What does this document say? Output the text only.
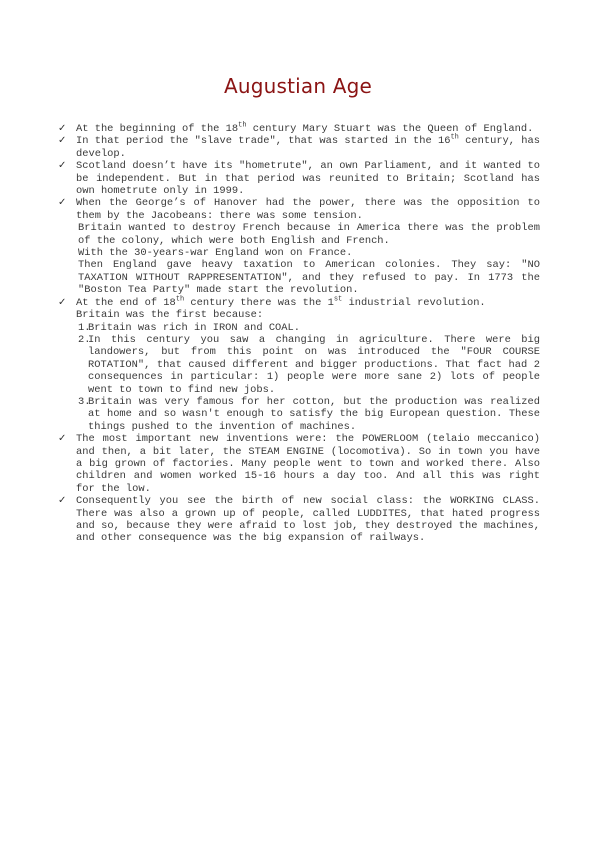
Augustian Age

✓ At the beginning of the 18th century Mary Stuart was the Queen of England.

✓ In that period the "slave trade", that was started in the 16th century, has develop.

✓ Scotland doesn’t have its "hometrute", an own Parliament, and it wanted to be independent. But in that period was reunited to Britain; Scotland has own hometrute only in 1999.

✓ When the George’s of Hanover had the power, there was the opposition to them by the Jacobeans: there was some tension.

Britain wanted to destroy French because in America there was the problem of the colony, which were both English and French.

With the 30-years-war England won on France.

Then England gave heavy taxation to American colonies. They say: "NO TAXATION WITHOUT RAPPRESENTATION", and they refused to pay. In 1773 the "Boston Tea Party" made start the revolution.

✓ At the end of 18th century there was the 1st industrial revolution.

Britain was the first because:

1.
Britain was rich in IRON and COAL.

2.
In this century you saw a changing in agriculture. There were big landowers, but from this point on was introduced the "FOUR COURSE ROTATION", that caused different and bigger productions. That fact had 2 consequences in particular: 1) people were more sane 2) lots of people went to town to find new jobs.

3.
Britain was very famous for her cotton, but the production was realized at home and so wasn't enough to satisfy the big European question. These things pushed to the invention of machines.

✓ The most important new inventions were: the POWERLOOM (telaio meccanico) and then, a bit later, the STEAM ENGINE (locomotiva). So in town you have a big grown of factories. Many people went to town and worked there. Also children and women worked 15-16 hours a day too. And all this was right for the low.

✓ Consequently you see the birth of new social class: the WORKING CLASS. There was also a grown up of people, called LUDDITES, that hated progress and so, because they were afraid to lost job, they destroyed the machines, and other consequence was the big expansion of railways.
